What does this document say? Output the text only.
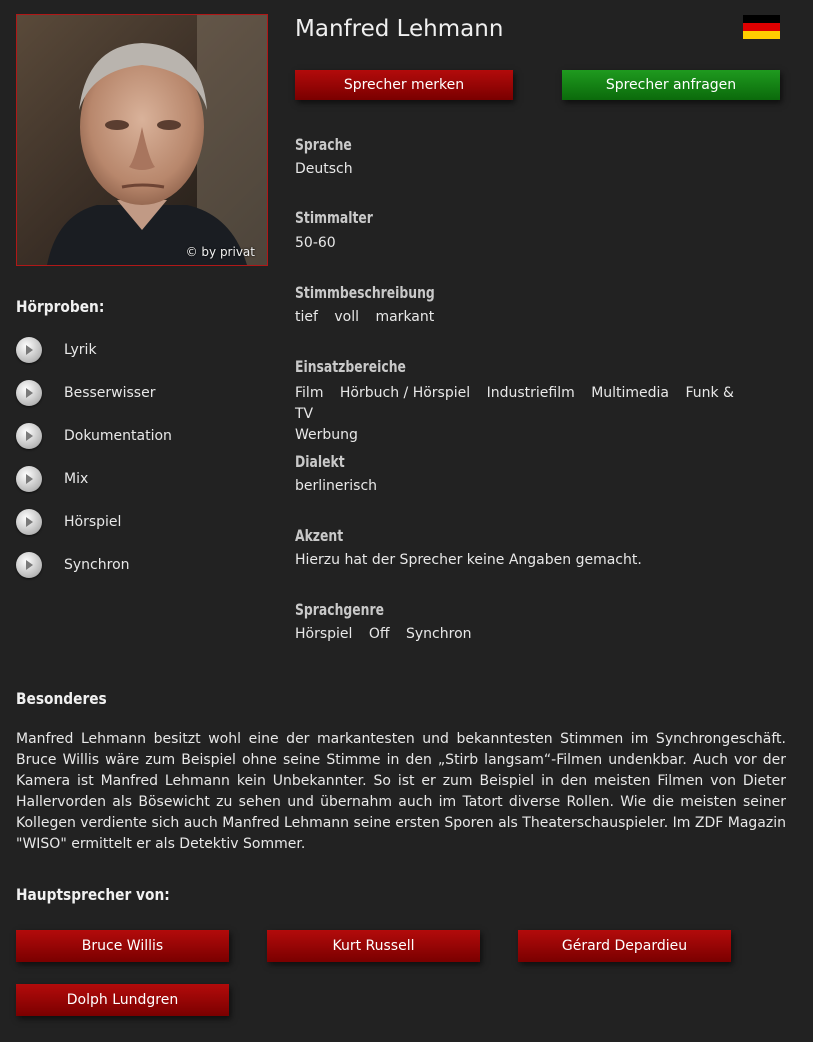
© by privat
Manfred Lehmann
Sprecher merken	Sprecher anfragen
Sprache
Deutsch
Stimmalter
50-60
Stimmbeschreibung
tief voll markant
Einsatzbereiche
Film Hörbuch / Hörspiel Industriefilm Multimedia Funk & TV
Werbung
Dialekt
berlinerisch
Akzent
Hierzu hat der Sprecher keine Angaben gemacht.
Sprachgenre
Hörspiel Off Synchron
Hörproben:
Lyrik
Besserwisser
Dokumentation
Mix
Hörspiel
Synchron
Besonderes

Manfred Lehmann besitzt wohl eine der markantesten und bekanntesten Stimmen im Synchrongeschäft. Bruce Willis wäre zum Beispiel ohne seine Stimme in den „Stirb langsam“-Filmen undenkbar. Auch vor der Kamera ist Manfred Lehmann kein Unbekannter. So ist er zum Beispiel in den meisten Filmen von Dieter Hallervorden als Bösewicht zu sehen und übernahm auch im Tatort diverse Rollen. Wie die meisten seiner Kollegen verdiente sich auch Manfred Lehmann seine ersten Sporen als Theaterschauspieler. Im ZDF Magazin "WISO" ermittelt er als Detektiv Sommer.

Hauptsprecher von:
Bruce Willis	Kurt Russell	Gérard Depardieu
Dolph Lundgren
